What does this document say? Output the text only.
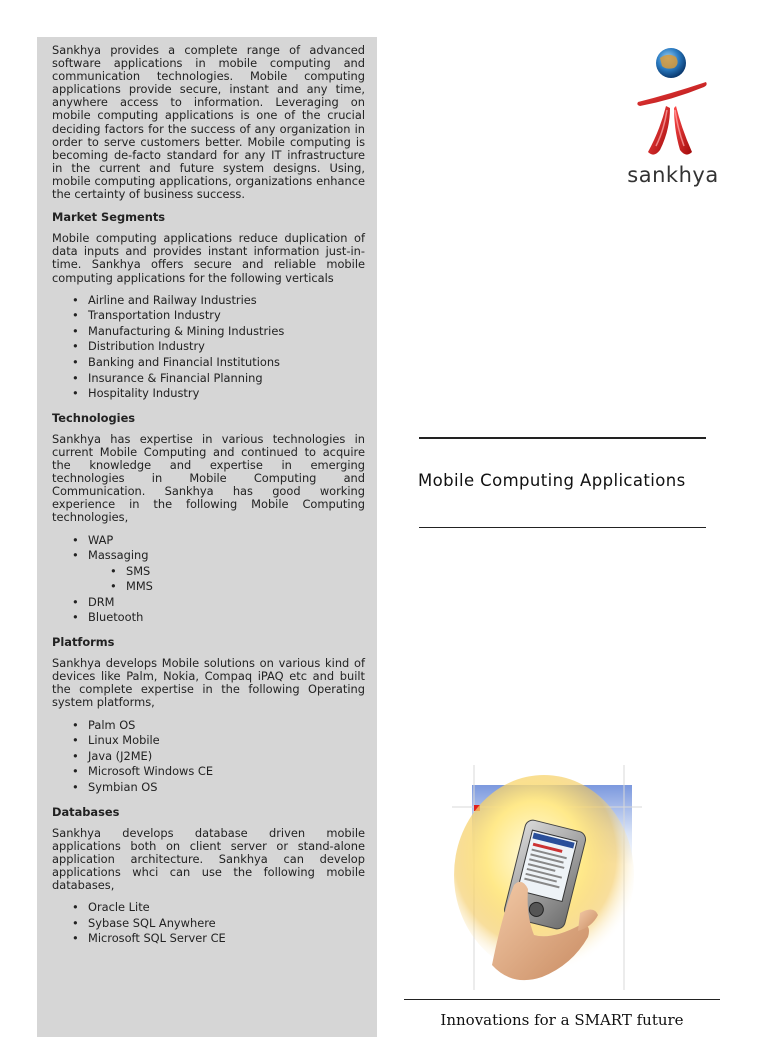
Sankhya provides a complete range of advanced software applications in mobile computing and communication technologies. Mobile computing applications provide secure, instant and any time, anywhere access to information. Leveraging on mobile computing applications is one of the crucial deciding factors for the success of any organization in order to serve customers better. Mobile computing is becoming de-facto standard for any IT infrastructure in the current and future system designs. Using, mobile computing applications, organizations enhance the certainty of business success.

Market Segments

Mobile computing applications reduce duplication of data inputs and provides instant information just-in-time. Sankhya offers secure and reliable mobile computing applications for the following verticals

• Airline and Railway Industries
• Transportation Industry
• Manufacturing & Mining Industries
• Distribution Industry
• Banking and Financial Institutions
• Insurance & Financial Planning
• Hospitality Industry
Technologies

Sankhya has expertise in various technologies in current Mobile Computing and continued to acquire the knowledge and expertise in emerging technologies in Mobile Computing and Communication. Sankhya has good working experience in the following Mobile Computing technologies,

• WAP
• Massaging
• SMS
• MMS
• DRM
• Bluetooth
Platforms

Sankhya develops Mobile solutions on various kind of devices like Palm, Nokia, Compaq iPAQ etc and built the complete expertise in the following Operating system platforms,

• Palm OS
• Linux Mobile
• Java (J2ME)
• Microsoft Windows CE
• Symbian OS
Databases

Sankhya develops database driven mobile applications both on client server or stand-alone application architecture. Sankhya can develop applications whci can use the following mobile databases,

• Oracle Lite
• Sybase SQL Anywhere
• Microsoft SQL Server CE
sankhya
Mobile Computing Applications
Innovations for a SMART future
